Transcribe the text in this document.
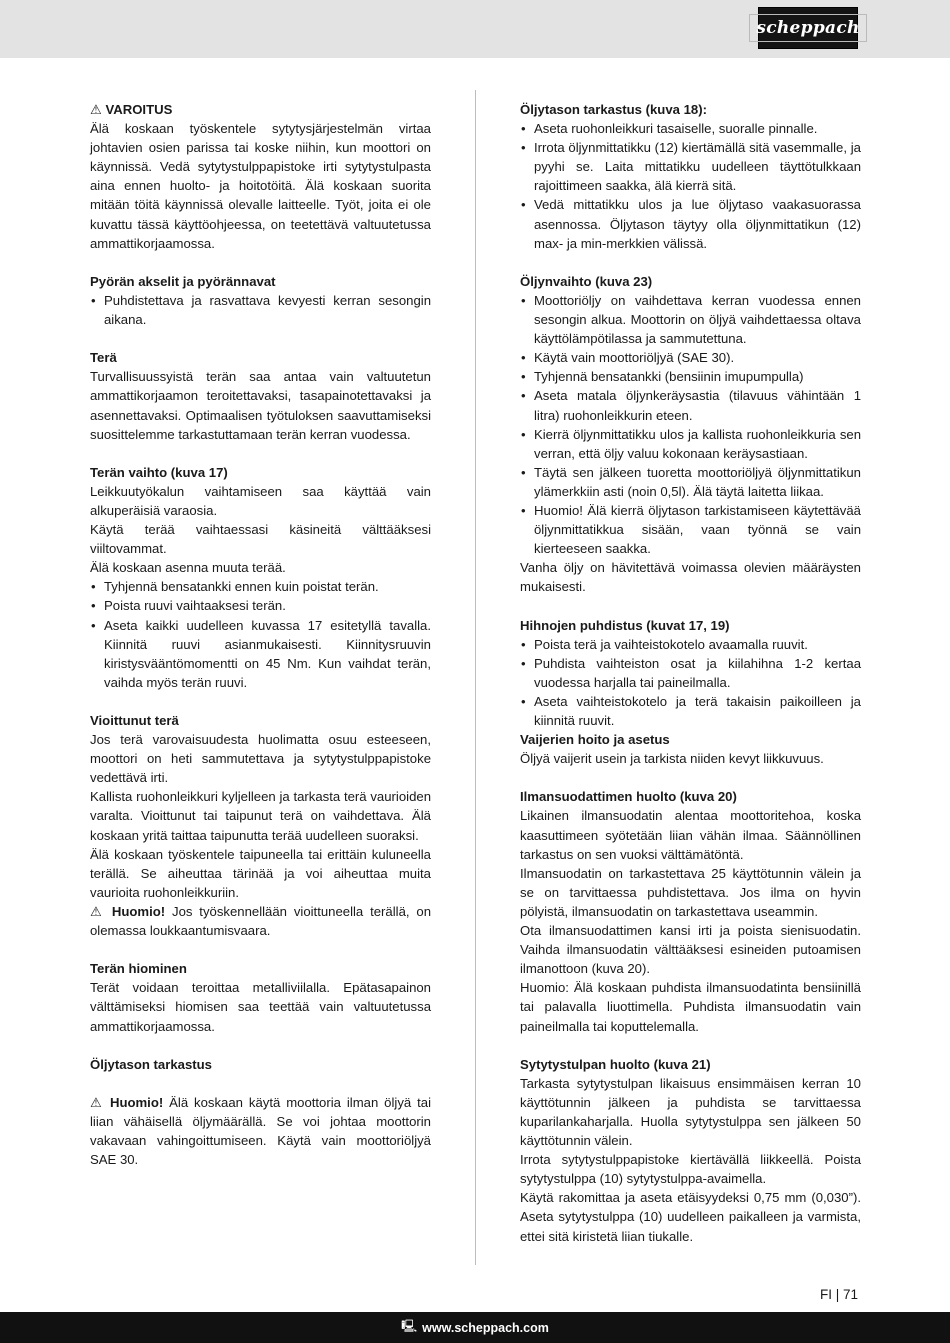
scheppach
⚠ VAROITUS
Älä koskaan työskentele sytytysjärjestelmän virtaa johtavien osien parissa tai koske niihin, kun moottori on käynnissä. Vedä sytytystulppapistoke irti sytytystulpasta aina ennen huolto- ja hoitotöitä. Älä koskaan suorita mitään töitä käynnissä olevalle laitteelle. Työt, joita ei ole kuvattu tässä käyttöohjeessa, on teetettävä valtuutetussa ammattikorjaamossa.
Pyörän akselit ja pyörännavat
• Puhdistettava ja rasvattava kevyesti kerran sesongin aikana.
Terä
Turvallisuussyistä terän saa antaa vain valtuutetun ammattikorjaamon teroitettavaksi, tasapainotettavaksi ja asennettavaksi. Optimaalisen työtuloksen saavuttamiseksi suosittelemme tarkastuttamaan terän kerran vuodessa.
Terän vaihto (kuva 17)
Leikkuutyökalun vaihtamiseen saa käyttää vain alkuperäisiä varaosia.
Käytä terää vaihtaessasi käsineitä välttääksesi viiltovammat.
Älä koskaan asenna muuta terää.
• Tyhjennä bensatankki ennen kuin poistat terän.
• Poista ruuvi vaihtaaksesi terän.
• Aseta kaikki uudelleen kuvassa 17 esitetyllä tavalla. Kiinnitä ruuvi asianmukaisesti. Kiinnitysruuvin kiristysvääntömomentti on 45 Nm. Kun vaihdat terän, vaihda myös terän ruuvi.
Vioittunut terä
Jos terä varovaisuudesta huolimatta osuu esteeseen, moottori on heti sammutettava ja sytytystulppapistoke vedettävä irti.
Kallista ruohonleikkuri kyljelleen ja tarkasta terä vaurioiden varalta. Vioittunut tai taipunut terä on vaihdettava. Älä koskaan yritä taittaa taipunutta terää uudelleen suoraksi.
Älä koskaan työskentele taipuneella tai erittäin kuluneella terällä. Se aiheuttaa tärinää ja voi aiheuttaa muita vaurioita ruohonleikkuriin.
⚠ Huomio! Jos työskennellään vioittuneella terällä, on olemassa loukkaantumisvaara.
Terän hiominen
Terät voidaan teroittaa metalliviilalla. Epätasapainon välttämiseksi hiomisen saa teettää vain valtuutetussa ammattikorjaamossa.
Öljytason tarkastus
⚠ Huomio! Älä koskaan käytä moottoria ilman öljyä tai liian vähäisellä öljymäärällä. Se voi johtaa moottorin vakavaan vahingoittumiseen. Käytä vain moottoriöljyä SAE 30.
Öljytason tarkastus (kuva 18):
• Aseta ruohonleikkuri tasaiselle, suoralle pinnalle.
• Irrota öljynmittatikku (12) kiertämällä sitä vasemmalle, ja pyyhi se. Laita mittatikku uudelleen täyttötulkkaan rajoittimeen saakka, älä kierrä sitä.
• Vedä mittatikku ulos ja lue öljytaso vaakasuorassa asennossa. Öljytason täytyy olla öljynmittatikun (12) max- ja min-merkkien välissä.
Öljynvaihto (kuva 23)
• Moottoriöljy on vaihdettava kerran vuodessa ennen sesongin alkua. Moottorin on öljyä vaihdettaessa oltava käyttölämpötilassa ja sammutettuna.
• Käytä vain moottoriöljyä (SAE 30).
• Tyhjennä bensatankki (bensiinin imupumpulla)
• Aseta matala öljynkeräysastia (tilavuus vähintään 1 litra) ruohonleikkurin eteen.
• Kierrä öljynmittatikku ulos ja kallista ruohonleikkuria sen verran, että öljy valuu kokonaan keräysastiaan.
• Täytä sen jälkeen tuoretta moottoriöljyä öljynmittatikun ylämerkkiin asti (noin 0,5l). Älä täytä laitetta liikaa.
• Huomio! Älä kierrä öljytason tarkistamiseen käytettävää öljynmittatikkua sisään, vaan työnnä se vain kierteeseen saakka.
Vanha öljy on hävitettävä voimassa olevien määräysten mukaisesti.
Hihnojen puhdistus (kuvat 17, 19)
• Poista terä ja vaihteistokotelo avaamalla ruuvit.
• Puhdista vaihteiston osat ja kiilahihna 1-2 kertaa vuodessa harjalla tai paineilmalla.
• Aseta vaihteistokotelo ja terä takaisin paikoilleen ja kiinnitä ruuvit.
Vaijerien hoito ja asetus
Öljyä vaijerit usein ja tarkista niiden kevyt liikkuvuus.
Ilmansuodattimen huolto (kuva 20)
Likainen ilmansuodatin alentaa moottoritehoa, koska kaasuttimeen syötetään liian vähän ilmaa. Säännöllinen tarkastus on sen vuoksi välttämätöntä.
Ilmansuodatin on tarkastettava 25 käyttötunnin välein ja se on tarvittaessa puhdistettava. Jos ilma on hyvin pölyistä, ilmansuodatin on tarkastettava useammin.
Ota ilmansuodattimen kansi irti ja poista sienisuodatin. Vaihda ilmansuodatin välttääksesi esineiden putoamisen ilmanottoon (kuva 20).
Huomio: Älä koskaan puhdista ilmansuodatinta bensiinillä tai palavalla liuottimella. Puhdista ilmansuodatin vain paineilmalla tai koputtelemalla.
Sytytystulpan huolto (kuva 21)
Tarkasta sytytystulpan likaisuus ensimmäisen kerran 10 käyttötunnin jälkeen ja puhdista se tarvittaessa kuparilankaharjalla. Huolla sytytystulppa sen jälkeen 50 käyttötunnin välein.
Irrota sytytystulppapistoke kiertävällä liikkeellä. Poista sytytystulppa (10) sytytystulppa-avaimella.
Käytä rakomittaa ja aseta etäisyydeksi 0,75 mm (0,030”). Aseta sytytystulppa (10) uudelleen paikalleen ja varmista, ettei sitä kiristetä liian tiukalle.
FI | 71
🖳 www.scheppach.com
